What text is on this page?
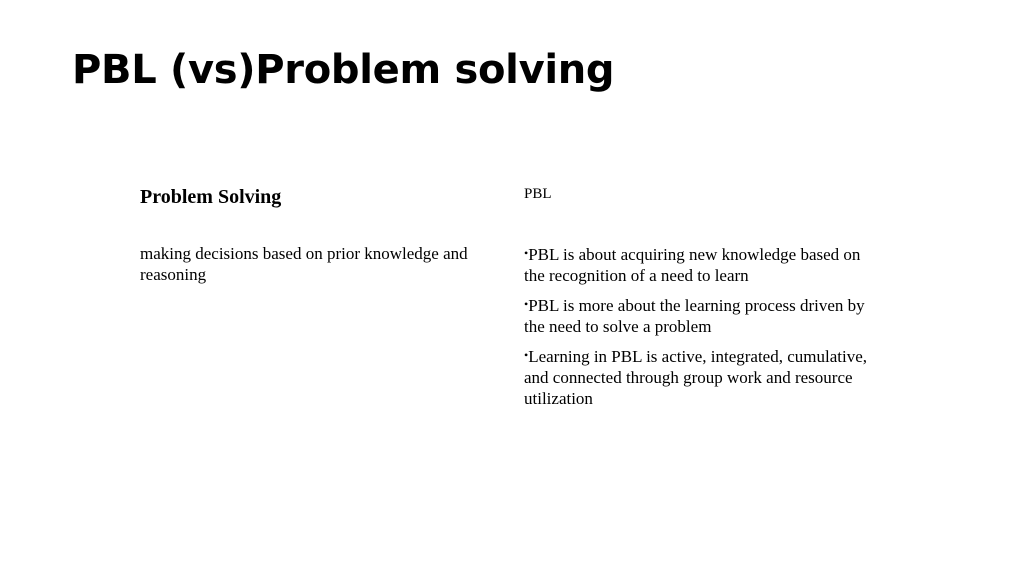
PBL (vs)Problem solving
Problem Solving	PBL
making decisions based on prior knowledge and reasoning
•PBL is about acquiring new knowledge based on the recognition of a need to learn
•PBL is more about the learning process driven by the need to solve a problem
•Learning in PBL is active, integrated, cumulative, and connected through group work and resource utilization
